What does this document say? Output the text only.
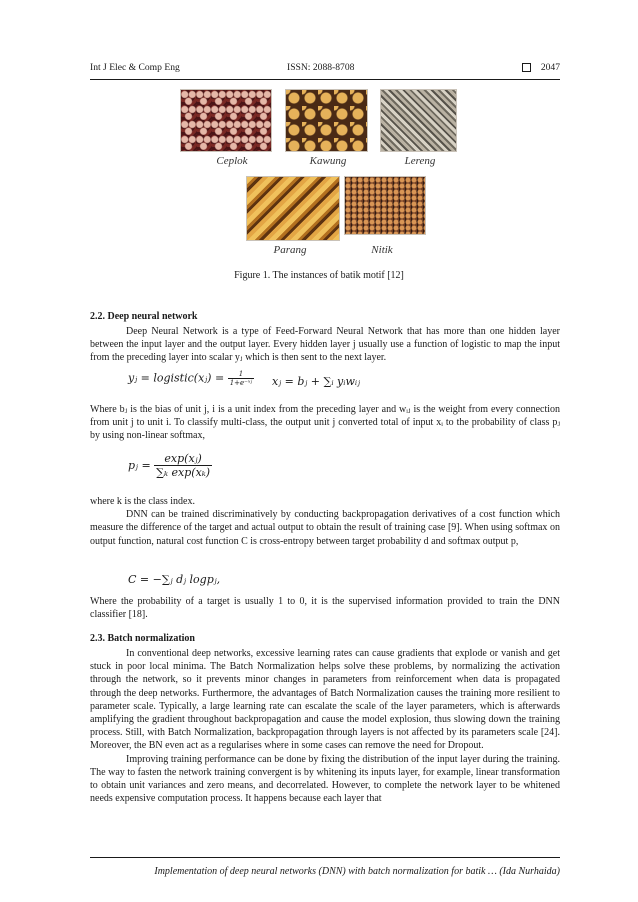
Int J Elec & Comp Eng	ISSN: 2088-8708	2047
Ceplok	Kawung	Lereng
Parang	Nitik
Figure 1. The instances of batik motif [12]
2.2. Deep neural network

Deep Neural Network is a type of Feed-Forward Neural Network that has more than one hidden layer between the input layer and the output layer. Every hidden layer j usually use a function of logistic to map the input from the preceding layer into scalar yⱼ which is then sent to the next layer.

yⱼ = logistic(xⱼ) = $\frac{1}{\text{1+e⁻ˣʲ}}$ xⱼ = bⱼ + ∑ᵢ yᵢwᵢⱼ

Where bⱼ is the bias of unit j, i is a unit index from the preceding layer and wᵢⱼ is the weight from every connection from unit j to unit i. To classify multi-class, the output unit j converted total of input xᵢ to the probability of class pⱼ by using non-linear softmax,

pⱼ = $\frac{\text{exp(xⱼ)}}{\text{∑ₖ exp(xₖ)}}$

where k is the class index.

DNN can be trained discriminatively by conducting backpropagation derivatives of a cost function which measure the difference of the target and actual output to obtain the result of training case [9]. When using softmax on output function, natural cost function C is cross-entropy between target probability d and softmax output p,

C = −∑ⱼ dⱼ logpⱼ,

Where the probability of a target is usually 1 to 0, it is the supervised information provided to train the DNN classifier [18].

2.3. Batch normalization

In conventional deep networks, excessive learning rates can cause gradients that explode or vanish and get stuck in poor local minima. The Batch Normalization helps solve these problems, by normalizing the activation through the network, so it prevents minor changes in parameters from reinforcement when data is propagated through the deep networks. Furthermore, the advantages of Batch Normalization causes the training more resilient to parameter scale. Typically, a large learning rate can escalate the scale of the layer parameters, which is afterwards amplifying the gradient throughout backpropagation and cause the model explosion, thus slowing down the training process. Still, with Batch Normalization, backpropagation through layers is not affected by its parameters scale [24]. Moreover, the BN even act as a regularises where in some cases can remove the need for Dropout.

Improving training performance can be done by fixing the distribution of the input layer during the training. The way to fasten the network training convergent is by whitening its inputs layer, for example, linear transformation to obtain unit variances and zero means, and decorrelated. However, to complete the network layer to be whitened needs expensive computation process. It happens because each layer that

Implementation of deep neural networks (DNN) with batch normalization for batik … (Ida Nurhaida)
